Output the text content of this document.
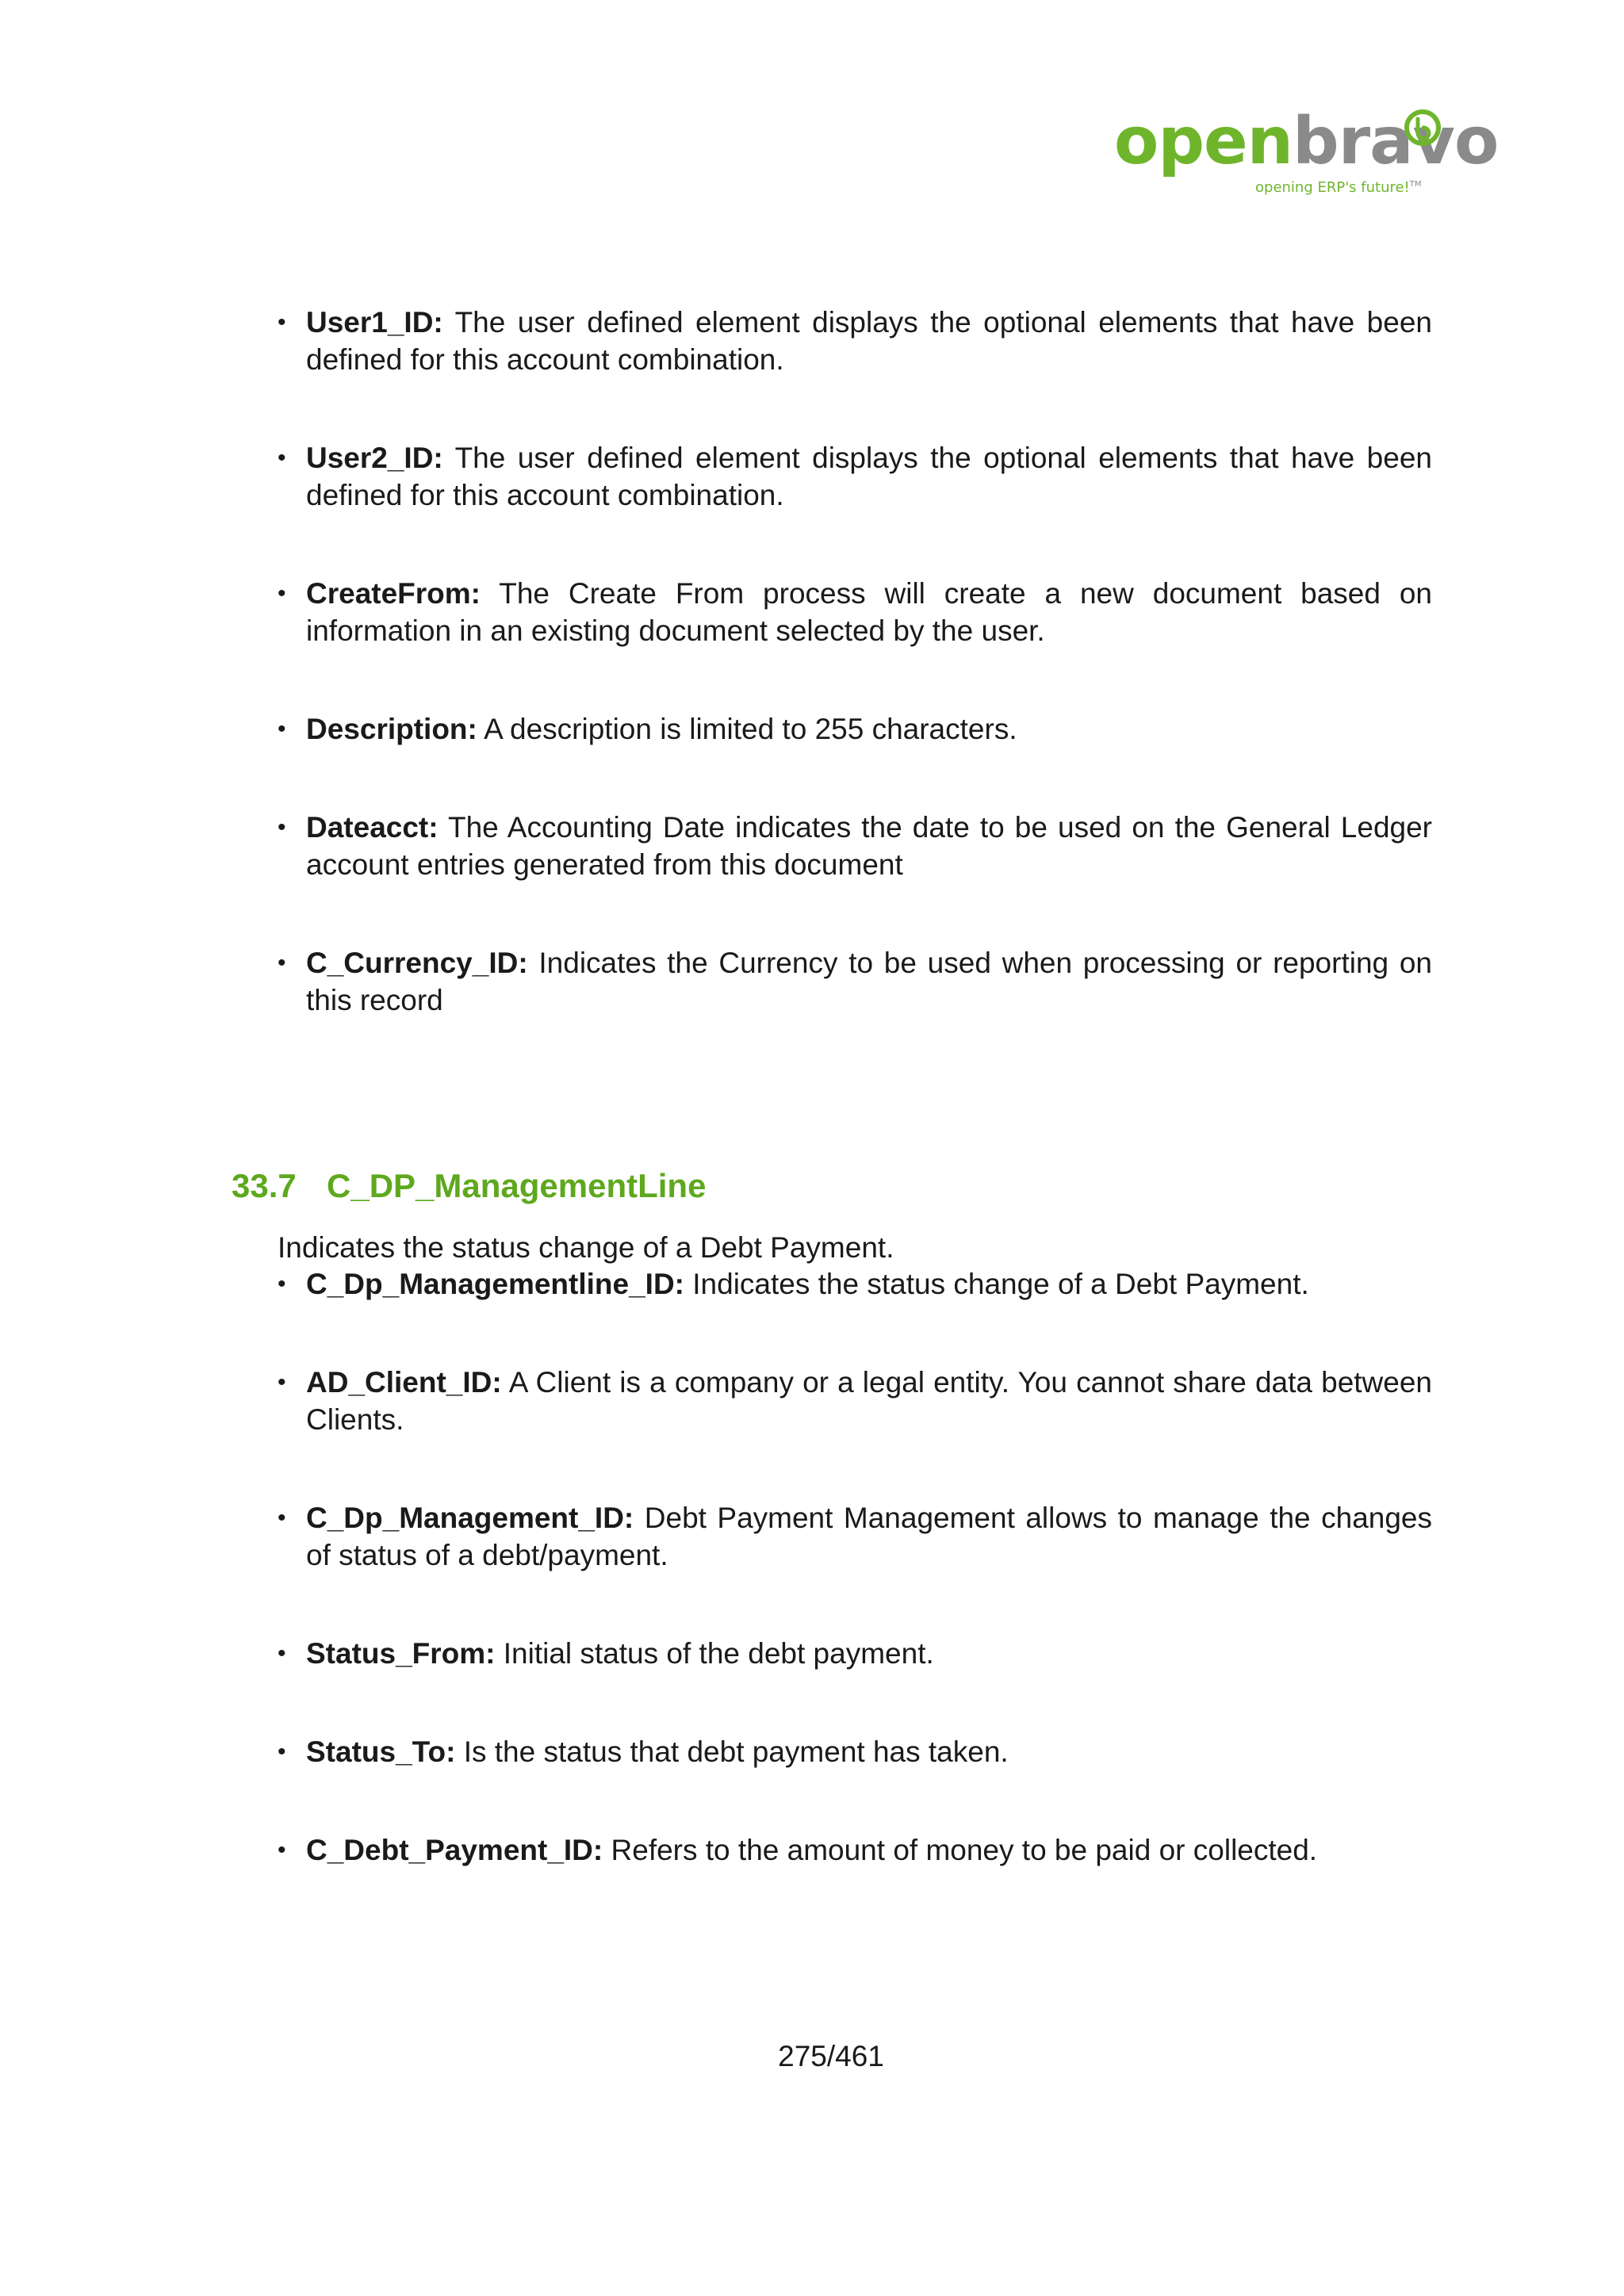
openbravo
opening ERP's future!™
• User1_ID: The user defined element displays the optional elements that have been defined for this account combination.
• User2_ID: The user defined element displays the optional elements that have been defined for this account combination.
• CreateFrom: The Create From process will create a new document based on information in an existing document selected by the user.
• Description: A description is limited to 255 characters.
• Dateacct: The Accounting Date indicates the date to be used on the General Ledger account entries generated from this document
• C_Currency_ID: Indicates the Currency to be used when processing or reporting on this record
33.7 C_DP_ManagementLine
Indicates the status change of a Debt Payment.
• C_Dp_Managementline_ID: Indicates the status change of a Debt Payment.
• AD_Client_ID: A Client is a company or a legal entity. You cannot share data between Clients.
• C_Dp_Management_ID: Debt Payment Management allows to manage the changes of status of a debt/payment.
• Status_From: Initial status of the debt payment.
• Status_To: Is the status that debt payment has taken.
• C_Debt_Payment_ID: Refers to the amount of money to be paid or collected.
275/461
